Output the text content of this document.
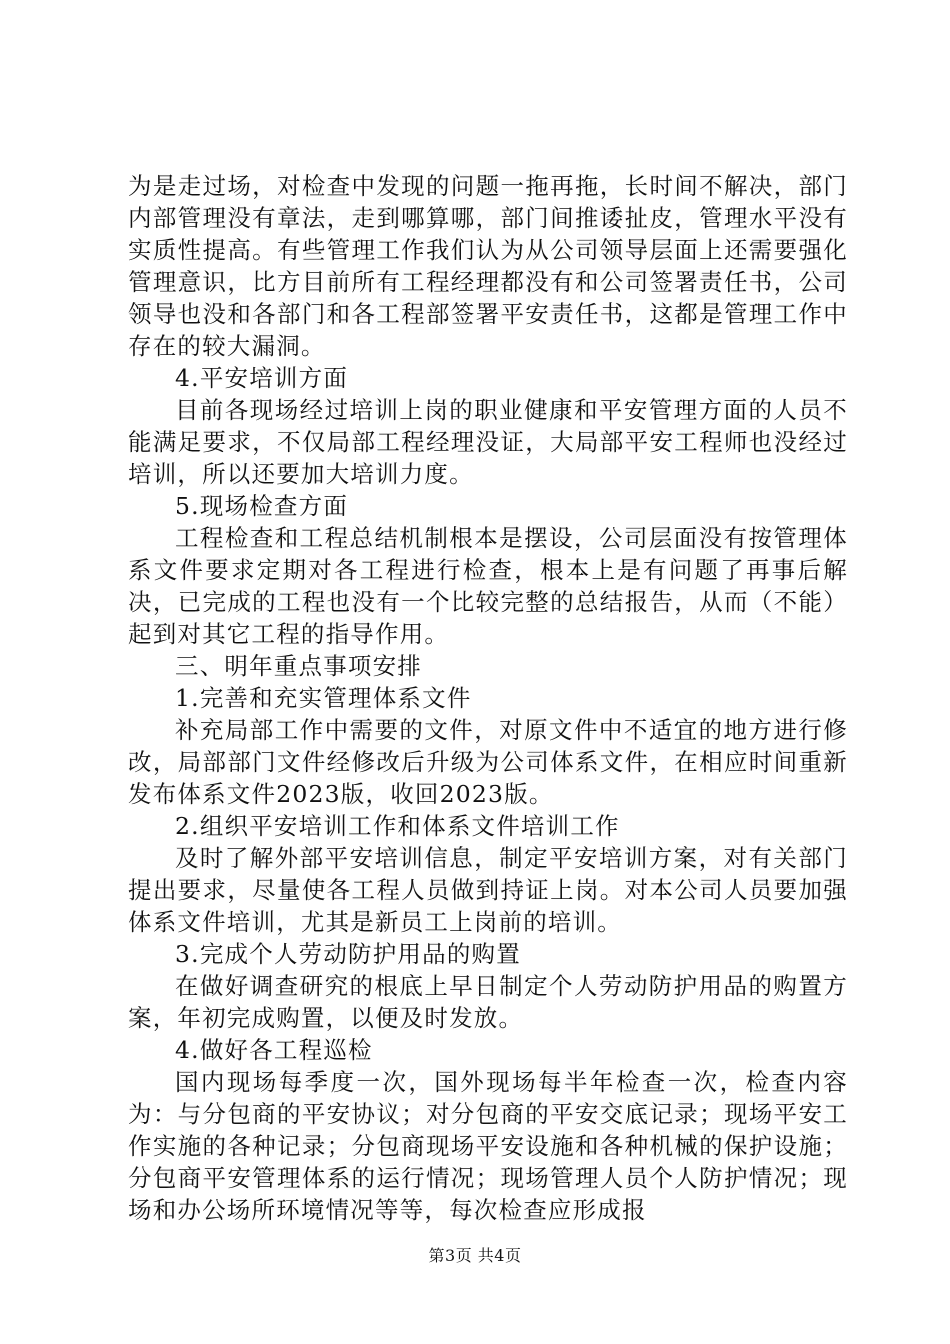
为是走过场，对检查中发现的问题一拖再拖，长时间不解决，部门内部管理没有章法，走到哪算哪，部门间推诿扯皮，管理水平没有实质性提高。有些管理工作我们认为从公司领导层面上还需要强化管理意识，比方目前所有工程经理都没有和公司签署责任书，公司领导也没和各部门和各工程部签署平安责任书，这都是管理工作中存在的较大漏洞。

4.平安培训方面

目前各现场经过培训上岗的职业健康和平安管理方面的人员不能满足要求，不仅局部工程经理没证，大局部平安工程师也没经过培训，所以还要加大培训力度。

5.现场检查方面

工程检查和工程总结机制根本是摆设，公司层面没有按管理体系文件要求定期对各工程进行检查，根本上是有问题了再事后解决，已完成的工程也没有一个比较完整的总结报告，从而（不能）起到对其它工程的指导作用。

三、明年重点事项安排

1.完善和充实管理体系文件

补充局部工作中需要的文件，对原文件中不适宜的地方进行修改，局部部门文件经修改后升级为公司体系文件，在相应时间重新发布体系文件2023版，收回2023版。

2.组织平安培训工作和体系文件培训工作

及时了解外部平安培训信息，制定平安培训方案，对有关部门提出要求，尽量使各工程人员做到持证上岗。对本公司人员要加强体系文件培训，尤其是新员工上岗前的培训。

3.完成个人劳动防护用品的购置

在做好调查研究的根底上早日制定个人劳动防护用品的购置方案，年初完成购置，以便及时发放。

4.做好各工程巡检

国内现场每季度一次，国外现场每半年检查一次，检查内容为：与分包商的平安协议；对分包商的平安交底记录；现场平安工作实施的各种记录；分包商现场平安设施和各种机械的保护设施；分包商平安管理体系的运行情况；现场管理人员个人防护情况；现场和办公场所环境情况等等，每次检查应形成报

第3页 共4页
